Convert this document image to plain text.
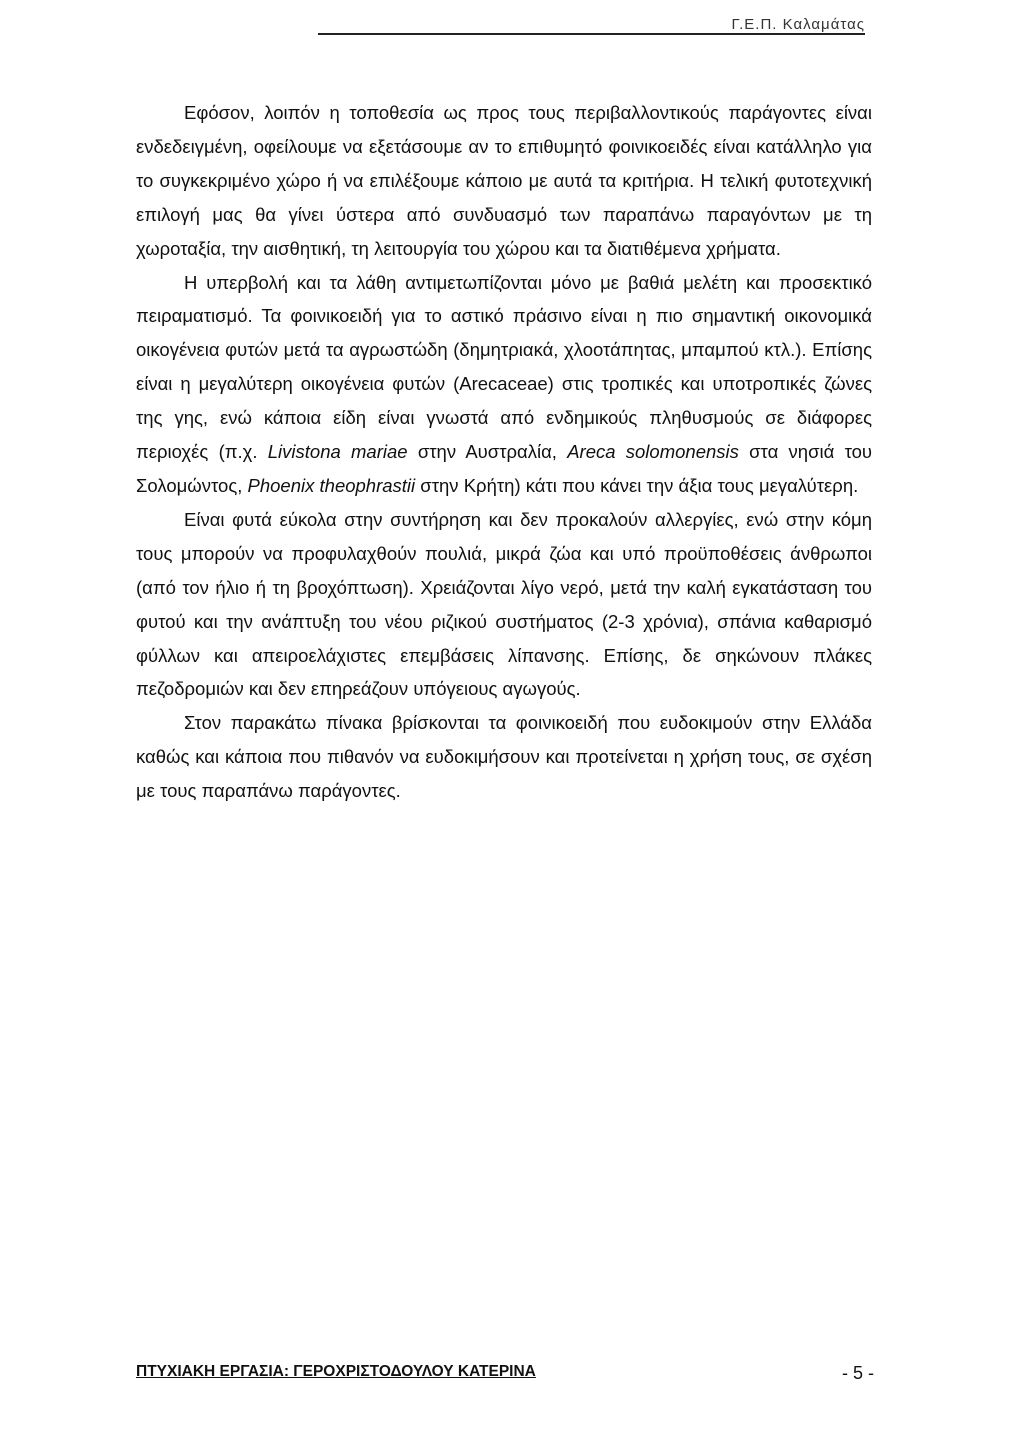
Γ.Ε.Π. Καλαμάτας

Εφόσον, λοιπόν η τοποθεσία ως προς τους περιβαλλοντικούς παράγοντες είναι ενδεδειγμένη, οφείλουμε να εξετάσουμε αν το επιθυμητό φοινικοειδές είναι κατάλληλο για το συγκεκριμένο χώρο ή να επιλέξουμε κάποιο με αυτά τα κριτήρια. Η τελική φυτοτεχνική επιλογή μας θα γίνει ύστερα από συνδυασμό των παραπάνω παραγόντων με τη χωροταξία, την αισθητική, τη λειτουργία του χώρου και τα διατιθέμενα χρήματα.

Η υπερβολή και τα λάθη αντιμετωπίζονται μόνο με βαθιά μελέτη και προσεκτικό πειραματισμό. Τα φοινικοειδή για το αστικό πράσινο είναι η πιο σημαντική οικονομικά οικογένεια φυτών μετά τα αγρωστώδη (δημητριακά, χλοοτάπητας, μπαμπού κτλ.). Επίσης είναι η μεγαλύτερη οικογένεια φυτών (Arecaceae) στις τροπικές και υποτροπικές ζώνες της γης, ενώ κάποια είδη είναι γνωστά από ενδημικούς πληθυσμούς σε διάφορες περιοχές (π.χ. Livistona mariae στην Αυστραλία, Areca solomonensis στα νησιά του Σολομώντος, Phoenix theophrastii στην Κρήτη) κάτι που κάνει την άξια τους μεγαλύτερη.

Είναι φυτά εύκολα στην συντήρηση και δεν προκαλούν αλλεργίες, ενώ στην κόμη τους μπορούν να προφυλαχθούν πουλιά, μικρά ζώα και υπό προϋποθέσεις άνθρωποι (από τον ήλιο ή τη βροχόπτωση). Χρειάζονται λίγο νερό, μετά την καλή εγκατάσταση του φυτού και την ανάπτυξη του νέου ριζικού συστήματος (2-3 χρόνια), σπάνια καθαρισμό φύλλων και απειροελάχιστες επεμβάσεις λίπανσης. Επίσης, δε σηκώνουν πλάκες πεζοδρομιών και δεν επηρεάζουν υπόγειους αγωγούς.

Στον παρακάτω πίνακα βρίσκονται τα φοινικοειδή που ευδοκιμούν στην Ελλάδα καθώς και κάποια που πιθανόν να ευδοκιμήσουν και προτείνεται η χρήση τους, σε σχέση με τους παραπάνω παράγοντες.

ΠΤΥΧΙΑΚΗ ΕΡΓΑΣΙΑ: ΓΕΡΟΧΡΙΣΤΟΔΟΥΛΟΥ ΚΑΤΕΡΙΝΑ	- 5 -
